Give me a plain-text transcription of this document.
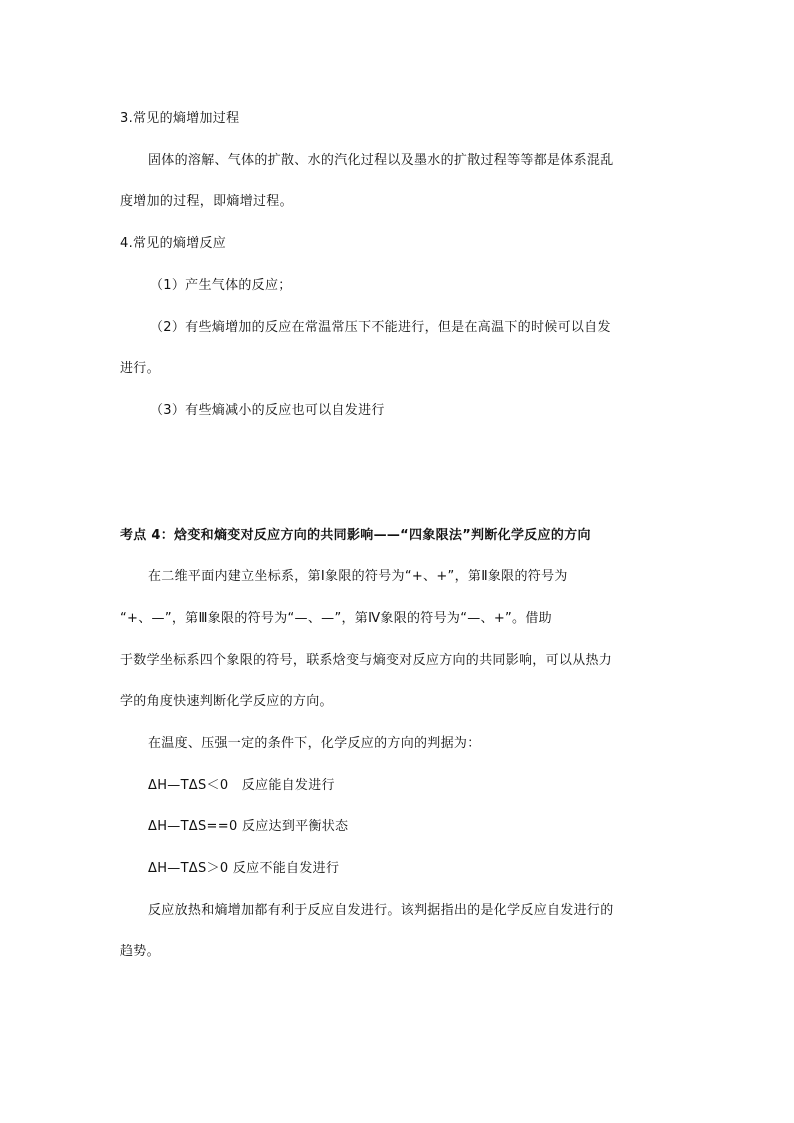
3.常见的熵增加过程
固体的溶解、气体的扩散、水的汽化过程以及墨水的扩散过程等等都是体系混乱
度增加的过程，即熵增过程。
4.常见的熵增反应
（1）产生气体的反应；
（2）有些熵增加的反应在常温常压下不能进行，但是在高温下的时候可以自发
进行。
（3）有些熵减小的反应也可以自发进行
考点 4：焓变和熵变对反应方向的共同影响——“四象限法”判断化学反应的方向
在二维平面内建立坐标系，第Ⅰ象限的符号为“+、+”，第Ⅱ象限的符号为
“+、—”，第Ⅲ象限的符号为“—、—”，第Ⅳ象限的符号为“—、+”。借助
于数学坐标系四个象限的符号，联系焓变与熵变对反应方向的共同影响，可以从热力
学的角度快速判断化学反应的方向。
在温度、压强一定的条件下，化学反应的方向的判据为：
ΔH—TΔS＜0　反应能自发进行
ΔH—TΔS==0 反应达到平衡状态
ΔH—TΔS＞0 反应不能自发进行
反应放热和熵增加都有利于反应自发进行。该判据指出的是化学反应自发进行的
趋势。
